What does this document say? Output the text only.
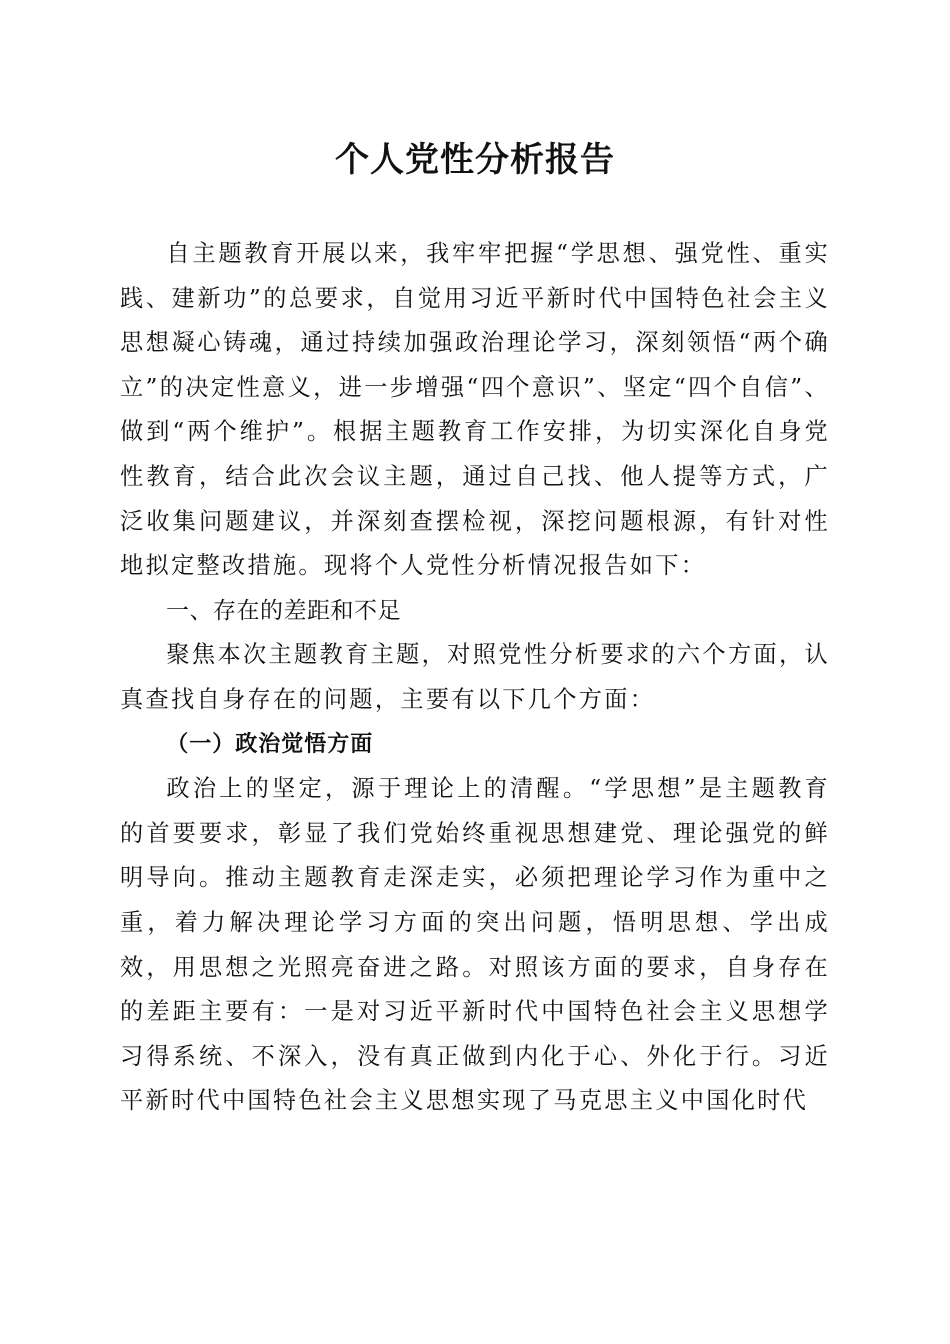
个人党性分析报告

自主题教育开展以来，我牢牢把握“学思想、强党性、重实践、建新功”的总要求，自觉用习近平新时代中国特色社会主义思想凝心铸魂，通过持续加强政治理论学习，深刻领悟“两个确立”的决定性意义，进一步增强“四个意识”、坚定“四个自信”、做到“两个维护”。根据主题教育工作安排，为切实深化自身党性教育，结合此次会议主题，通过自己找、他人提等方式，广泛收集问题建议，并深刻查摆检视，深挖问题根源，有针对性地拟定整改措施。现将个人党性分析情况报告如下：

一、存在的差距和不足

聚焦本次主题教育主题，对照党性分析要求的六个方面，认真查找自身存在的问题，主要有以下几个方面：

（一）政治觉悟方面

政治上的坚定，源于理论上的清醒。“学思想”是主题教育的首要要求，彰显了我们党始终重视思想建党、理论强党的鲜明导向。推动主题教育走深走实，必须把理论学习作为重中之重，着力解决理论学习方面的突出问题，悟明思想、学出成效，用思想之光照亮奋进之路。对照该方面的要求，自身存在的差距主要有：一是对习近平新时代中国特色社会主义思想学习得系统、不深入，没有真正做到内化于心、外化于行。习近平新时代中国特色社会主义思想实现了马克思主义中国化时代
